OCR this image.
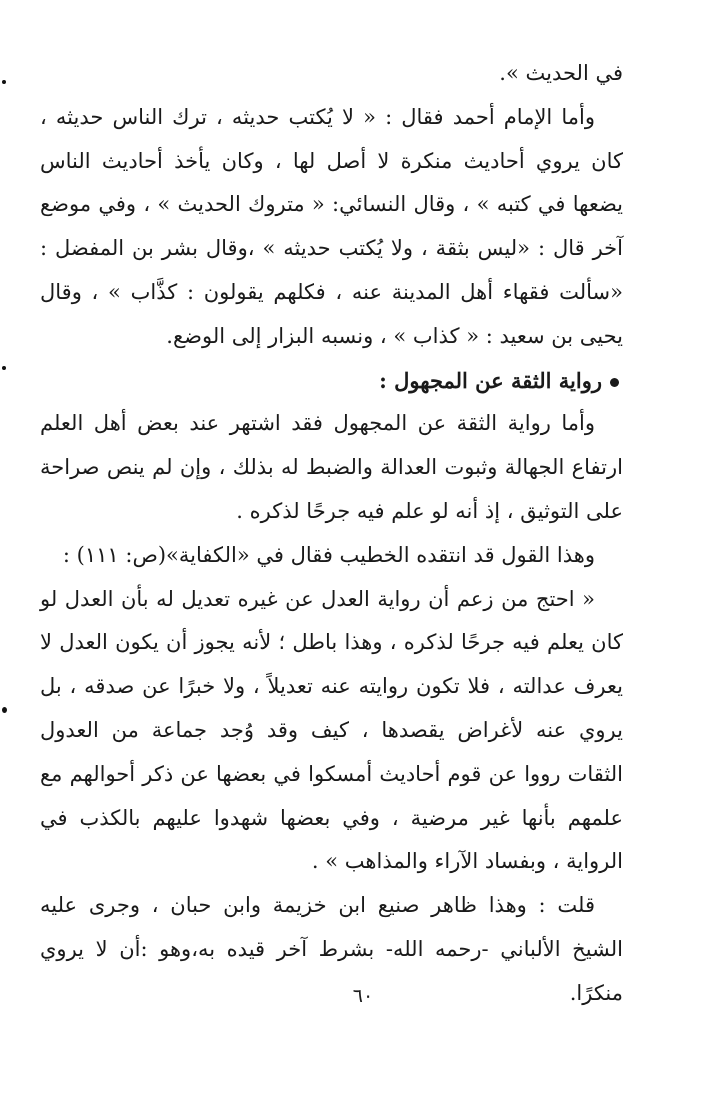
في الحديث ».

وأما الإمام أحمد فقال : « لا يُكتب حديثه ، ترك الناس حديثه ، كان يروي أحاديث منكرة لا أصل لها ، وكان يأخذ أحاديث الناس يضعها في كتبه » ، وقال النسائي: « متروك الحديث » ، وفي موضع آخر قال : «ليس بثقة ، ولا يُكتب حديثه » ،وقال بشر بن المفضل : «سألت فقهاء أهل المدينة عنه ، فكلهم يقولون : كذَّاب » ، وقال يحيى بن سعيد : « كذاب » ، ونسبه البزار إلى الوضع.

رواية الثقة عن المجهول :

وأما رواية الثقة عن المجهول فقد اشتهر عند بعض أهل العلم ارتفاع الجهالة وثبوت العدالة والضبط له بذلك ، وإن لم ينص صراحة على التوثيق ، إذ أنه لو علم فيه جرحًا لذكره .

وهذا القول قد انتقده الخطيب فقال في «الكفاية»(ص: ١١١) :

« احتج من زعم أن رواية العدل عن غيره تعديل له بأن العدل لو كان يعلم فيه جرحًا لذكره ، وهذا باطل ؛ لأنه يجوز أن يكون العدل لا يعرف عدالته ، فلا تكون روايته عنه تعديلاً ، ولا خبرًا عن صدقه ، بل يروي عنه لأغراض يقصدها ، كيف وقد وُجد جماعة من العدول الثقات رووا عن قوم أحاديث أمسكوا في بعضها عن ذكر أحوالهم مع علمهم بأنها غير مرضية ، وفي بعضها شهدوا عليهم بالكذب في الرواية ، وبفساد الآراء والمذاهب » .

قلت : وهذا ظاهر صنيع ابن خزيمة وابن حبان ، وجرى عليه الشيخ الألباني -رحمه الله- بشرط آخر قيده به،وهو :أن لا يروي منكرًا.

٦٠
